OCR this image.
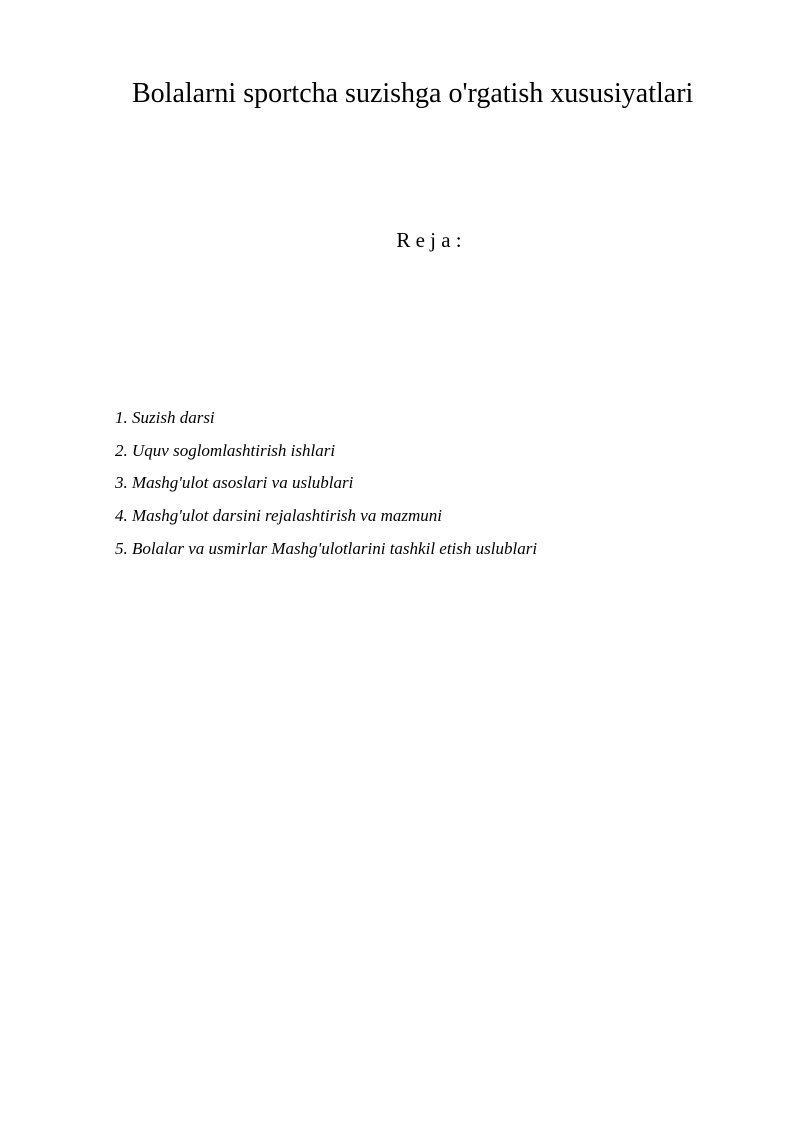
Bolalarni sportcha suzishga o'rgatish xususiyatlari
R e j a :
1. Suzish darsi
2. Uquv soglomlashtirish ishlari
3. Mashg'ulot asoslari va uslublari
4. Mashg'ulot darsini rejalashtirish va mazmuni
5. Bolalar va usmirlar Mashg'ulotlarini tashkil etish uslublari
